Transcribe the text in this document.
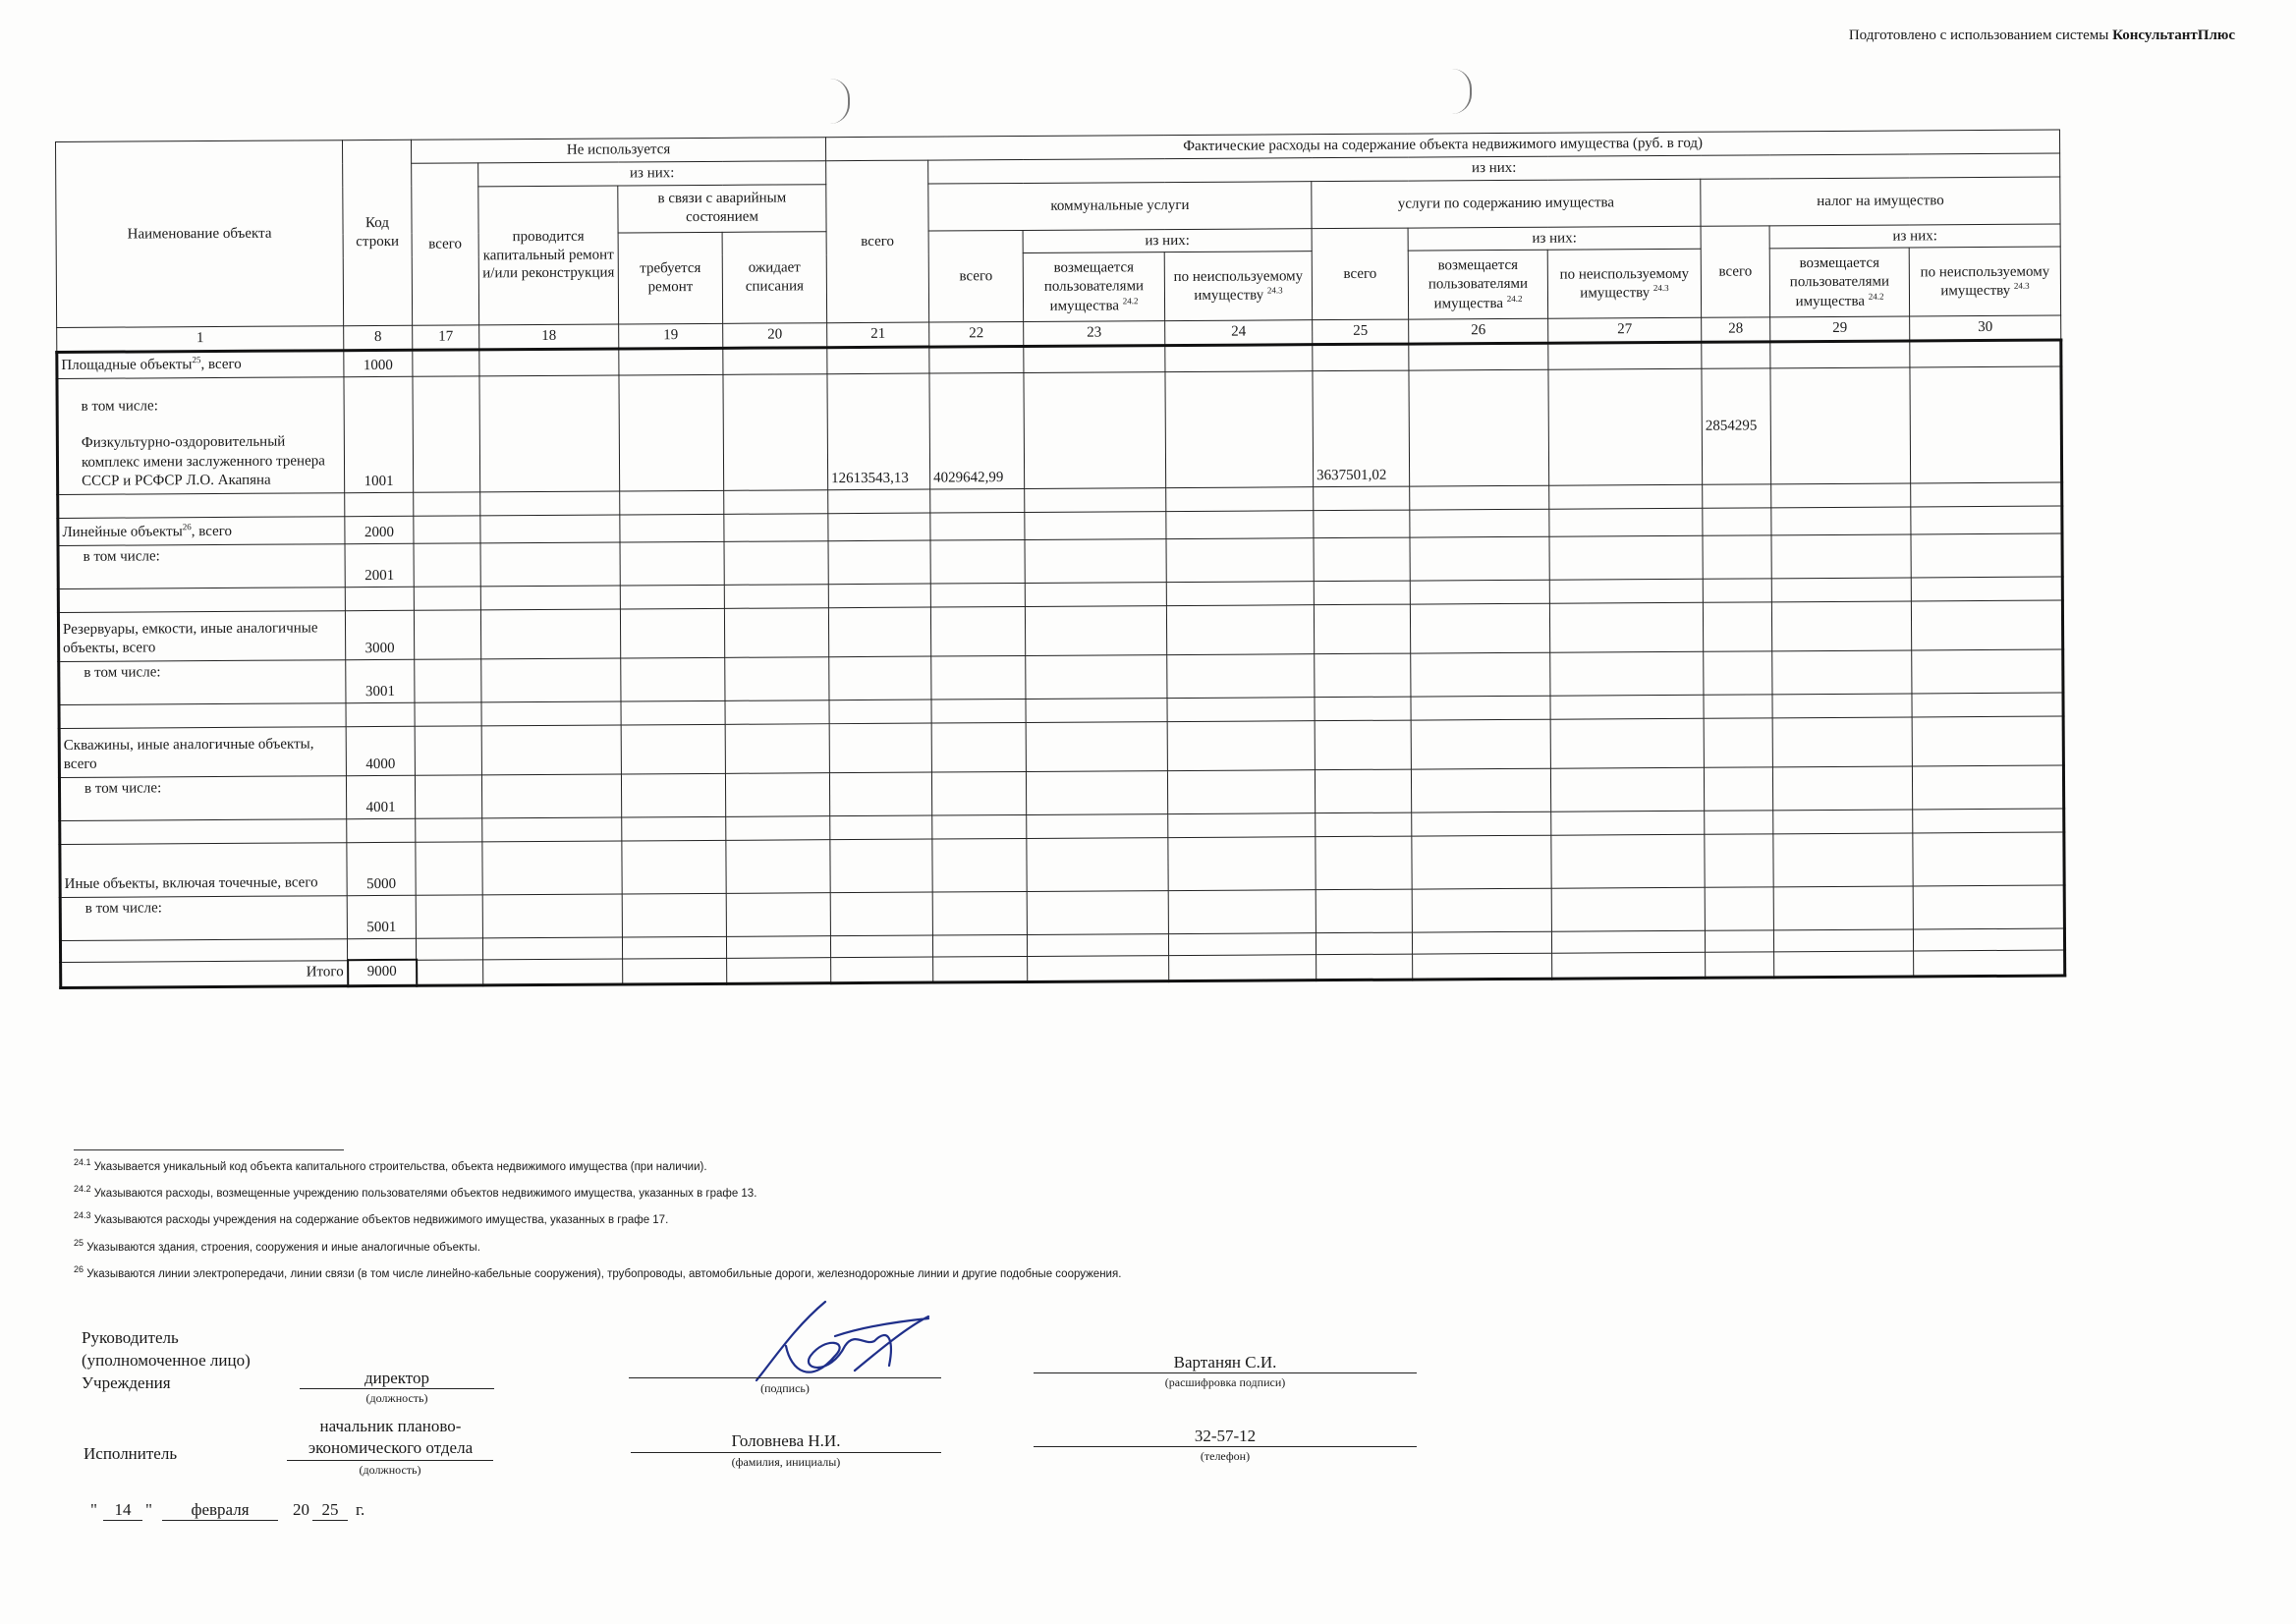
Подготовлено с использованием системы КонсультантПлюс
Наименование объекта	Код строки	Не используется				Фактические расходы на содержание объекта недвижимого имущества (руб. в год)									
		всего	из них:			всего	из них:								
			проводится капитальный ремонт и/или реконструкция	в связи с аварийным состоянием			коммунальные услуги			услуги по содержанию имущества			налог на имущество		
				требуется ремонт	ожидает списания		всего	из них:		всего	из них:		всего	из них:	
								возмещается пользователями имущества $^{24.2}$	по неиспользуемому имуществу $^{24.3}$		возмещается пользователями имущества $^{24.2}$	по неиспользуемому имуществу $^{24.3}$		возмещается пользователями имущества $^{24.2}$	по неиспользуемому имуществу $^{24.3}$
1	8	17	18	19	20	21	22	23	24	25	26	27	28	29	30
Площадные объекты$^{25}$, всего	1000														

в том числе:
Физкультурно-оздоровительный комплекс имени заслуженного тренера СССР и РСФСР Л.О. Акапяна	1001					12613543,13	4029642,99			3637501,02			2854295		

Линейные объекты$^{26}$, всего	2000														
в том числе:	2001														

Резервуары, емкости, иные аналогичные объекты, всего	3000														
в том числе:	3001														

Скважины, иные аналогичные объекты, всего	4000														
в том числе:	4001														

Иные объекты, включая точечные, всего	5000														
в том числе:	5001														

Итого	9000														
$^{24.1}$ Указывается уникальный код объекта капитального строительства, объекта недвижимого имущества (при наличии).
$^{24.2}$ Указываются расходы, возмещенные учреждению пользователями объектов недвижимого имущества, указанных в графе 13.
$^{24.3}$ Указываются расходы учреждения на содержание объектов недвижимого имущества, указанных в графе 17.
$^{25}$ Указываются здания, строения, сооружения и иные аналогичные объекты.
$^{26}$ Указываются линии электропередачи, линии связи (в том числе линейно-кабельные сооружения), трубопроводы, автомобильные дороги, железнодорожные линии и другие подобные сооружения.
Руководитель
(уполномоченное лицо)
Учреждения	директор
(должность)
(подпись)
Вартанян С.И.
(расшифровка подписи)
Исполнитель
начальник планово-
экономического отдела
(должность)
Головнева Н.И.
(фамилия, инициалы)
32-57-12
(телефон)
"	14 "	февраля	20 25	г.
